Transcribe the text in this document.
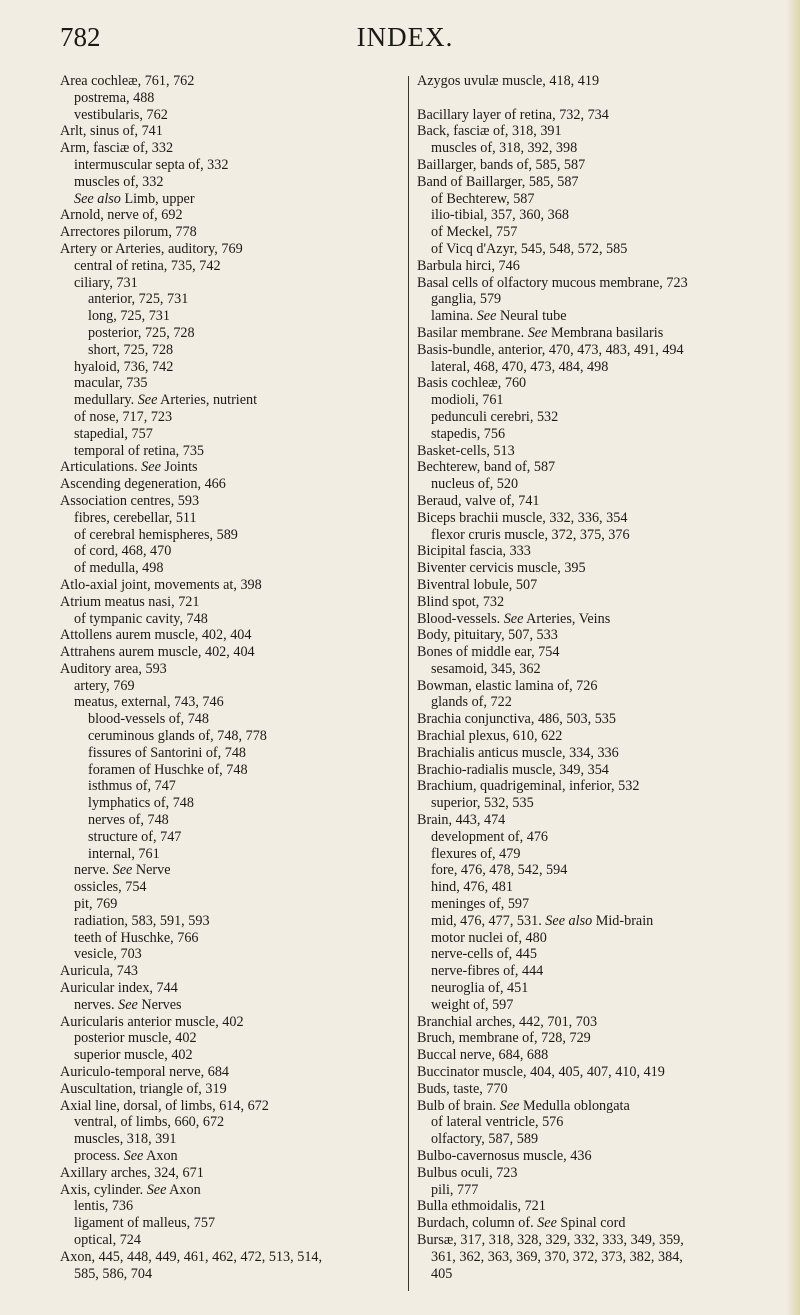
782	INDEX.
Area cochleæ, 761, 762
postrema, 488
vestibularis, 762
Arlt, sinus of, 741
Arm, fasciæ of, 332
intermuscular septa of, 332
muscles of, 332
See also Limb, upper
Arnold, nerve of, 692
Arrectores pilorum, 778
Artery or Arteries, auditory, 769
central of retina, 735, 742
ciliary, 731
anterior, 725, 731
long, 725, 731
posterior, 725, 728
short, 725, 728
hyaloid, 736, 742
macular, 735
medullary. See Arteries, nutrient
of nose, 717, 723
stapedial, 757
temporal of retina, 735
Articulations. See Joints
Ascending degeneration, 466
Association centres, 593
fibres, cerebellar, 511
of cerebral hemispheres, 589
of cord, 468, 470
of medulla, 498
Atlo-axial joint, movements at, 398
Atrium meatus nasi, 721
of tympanic cavity, 748
Attollens aurem muscle, 402, 404
Attrahens aurem muscle, 402, 404
Auditory area, 593
artery, 769
meatus, external, 743, 746
blood-vessels of, 748
ceruminous glands of, 748, 778
fissures of Santorini of, 748
foramen of Huschke of, 748
isthmus of, 747
lymphatics of, 748
nerves of, 748
structure of, 747
internal, 761
nerve. See Nerve
ossicles, 754
pit, 769
radiation, 583, 591, 593
teeth of Huschke, 766
vesicle, 703
Auricula, 743
Auricular index, 744
nerves. See Nerves
Auricularis anterior muscle, 402
posterior muscle, 402
superior muscle, 402
Auriculo-temporal nerve, 684
Auscultation, triangle of, 319
Axial line, dorsal, of limbs, 614, 672
ventral, of limbs, 660, 672
muscles, 318, 391
process. See Axon
Axillary arches, 324, 671
Axis, cylinder. See Axon
lentis, 736
ligament of malleus, 757
optical, 724
Axon, 445, 448, 449, 461, 462, 472, 513, 514,
585, 586, 704
Azygos uvulæ muscle, 418, 419

Bacillary layer of retina, 732, 734
Back, fasciæ of, 318, 391
muscles of, 318, 392, 398
Baillarger, bands of, 585, 587
Band of Baillarger, 585, 587
of Bechterew, 587
ilio-tibial, 357, 360, 368
of Meckel, 757
of Vicq d'Azyr, 545, 548, 572, 585
Barbula hirci, 746
Basal cells of olfactory mucous membrane, 723
ganglia, 579
lamina. See Neural tube
Basilar membrane. See Membrana basilaris
Basis-bundle, anterior, 470, 473, 483, 491, 494
lateral, 468, 470, 473, 484, 498
Basis cochleæ, 760
modioli, 761
pedunculi cerebri, 532
stapedis, 756
Basket-cells, 513
Bechterew, band of, 587
nucleus of, 520
Beraud, valve of, 741
Biceps brachii muscle, 332, 336, 354
flexor cruris muscle, 372, 375, 376
Bicipital fascia, 333
Biventer cervicis muscle, 395
Biventral lobule, 507
Blind spot, 732
Blood-vessels. See Arteries, Veins
Body, pituitary, 507, 533
Bones of middle ear, 754
sesamoid, 345, 362
Bowman, elastic lamina of, 726
glands of, 722
Brachia conjunctiva, 486, 503, 535
Brachial plexus, 610, 622
Brachialis anticus muscle, 334, 336
Brachio-radialis muscle, 349, 354
Brachium, quadrigeminal, inferior, 532
superior, 532, 535
Brain, 443, 474
development of, 476
flexures of, 479
fore, 476, 478, 542, 594
hind, 476, 481
meninges of, 597
mid, 476, 477, 531. See also Mid-brain
motor nuclei of, 480
nerve-cells of, 445
nerve-fibres of, 444
neuroglia of, 451
weight of, 597
Branchial arches, 442, 701, 703
Bruch, membrane of, 728, 729
Buccal nerve, 684, 688
Buccinator muscle, 404, 405, 407, 410, 419
Buds, taste, 770
Bulb of brain. See Medulla oblongata
of lateral ventricle, 576
olfactory, 587, 589
Bulbo-cavernosus muscle, 436
Bulbus oculi, 723
pili, 777
Bulla ethmoidalis, 721
Burdach, column of. See Spinal cord
Bursæ, 317, 318, 328, 329, 332, 333, 349, 359,
361, 362, 363, 369, 370, 372, 373, 382, 384,
405
